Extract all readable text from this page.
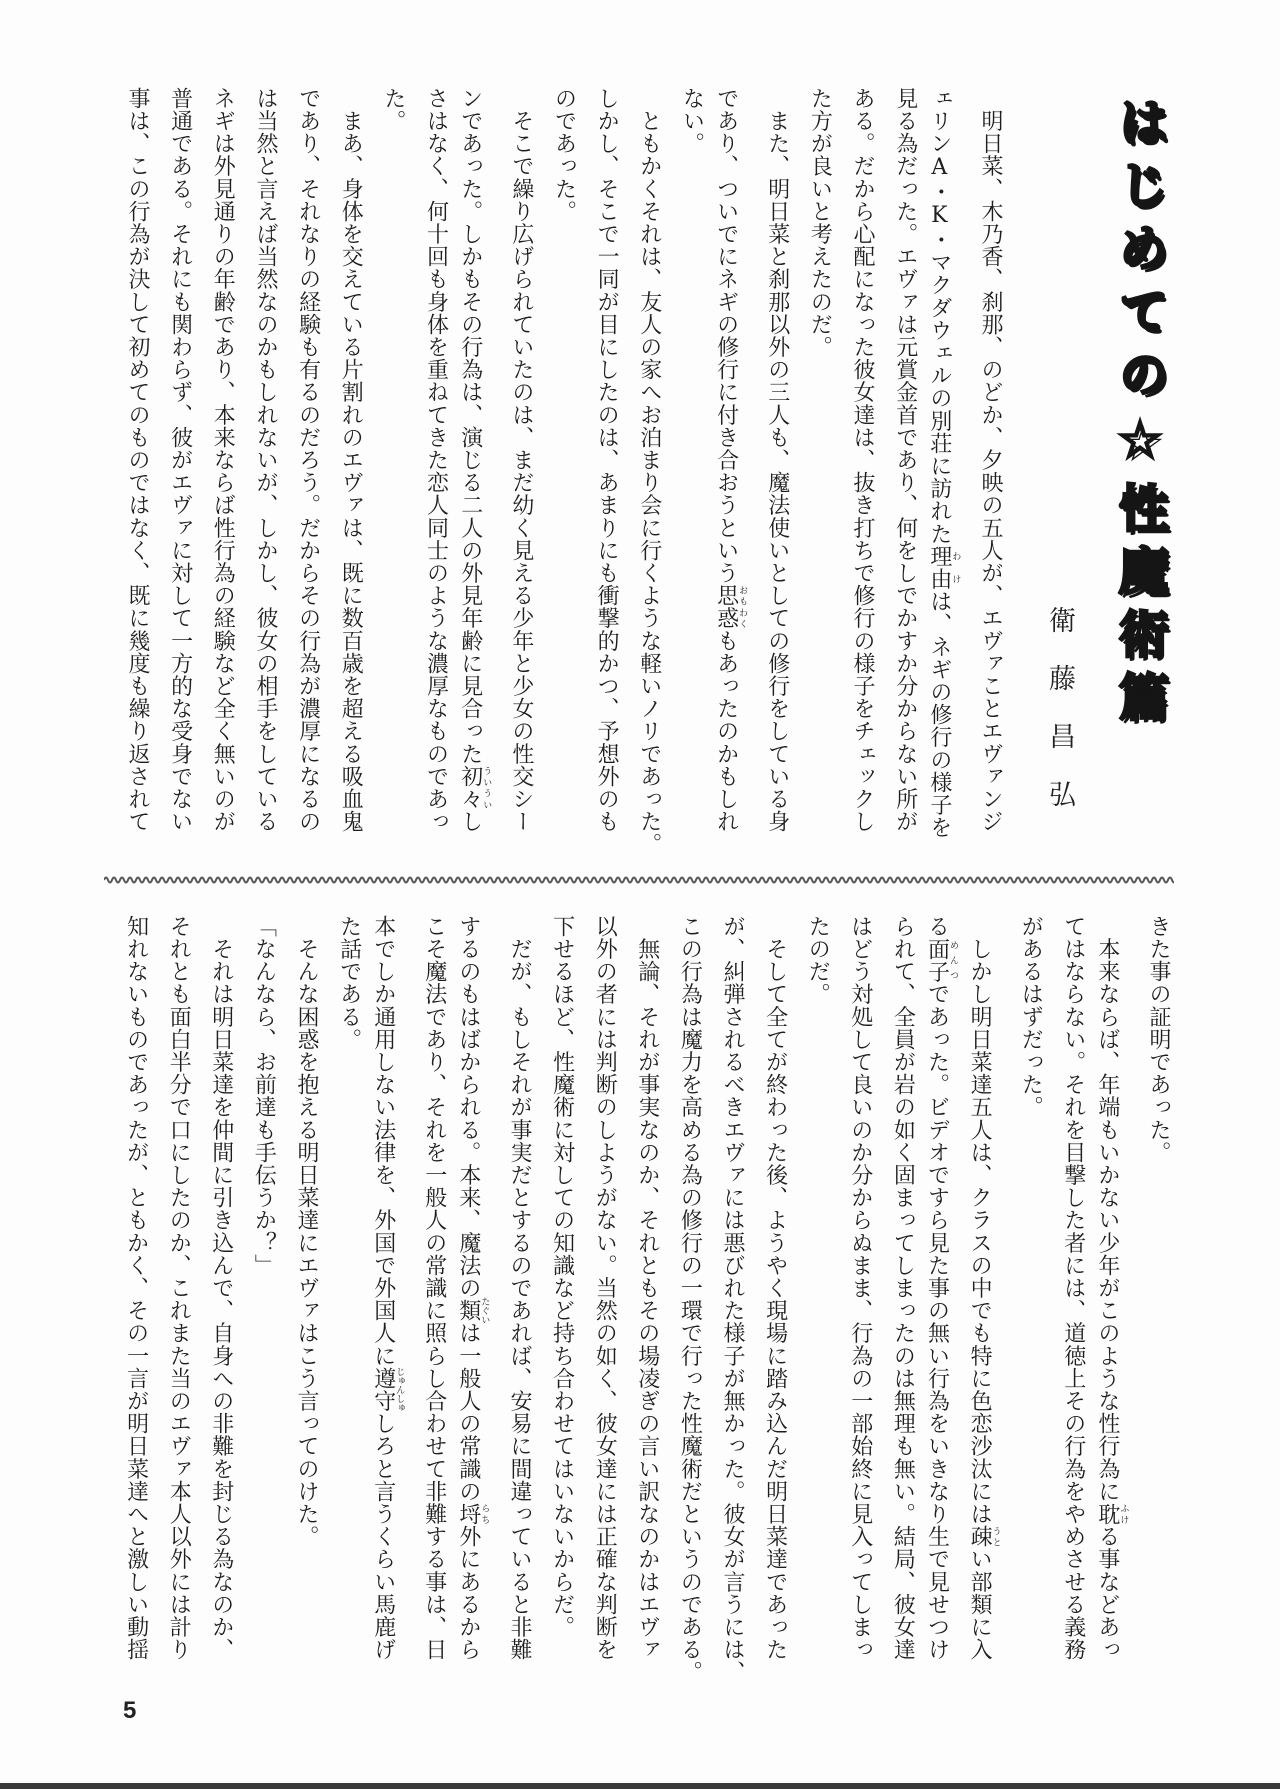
はじめての☆性魔術篇
衛藤昌弘
　明日菜、木乃香、刹那、のどか、夕映の五人が、エヴァことエヴァンジ
ェリンA・K・マクダウェルの別荘に訪れた理由わけは、ネギの修行の様子を
見る為だった。エヴァは元賞金首であり、何をしでかすか分からない所が
ある。だから心配になった彼女達は、抜き打ちで修行の様子をチェックし
た方が良いと考えたのだ。
　また、明日菜と刹那以外の三人も、魔法使いとしての修行をしている身
であり、ついでにネギの修行に付き合おうという思惑おもわくもあったのかもしれ
ない。
　ともかくそれは、友人の家へお泊まり会に行くような軽いノリであった。
しかし、そこで一同が目にしたのは、あまりにも衝撃的かつ、予想外のも
のであった。
　そこで繰り広げられていたのは、まだ幼く見える少年と少女の性交シー
ンであった。しかもその行為は、演じる二人の外見年齢に見合った初々ういういし
さはなく、何十回も身体を重ねてきた恋人同士のような濃厚なものであっ
た。
　まあ、身体を交えている片割れのエヴァは、既に数百歳を超える吸血鬼
であり、それなりの経験も有るのだろう。だからその行為が濃厚になるの
は当然と言えば当然なのかもしれないが、しかし、彼女の相手をしている
ネギは外見通りの年齢であり、本来ならば性行為の経験など全く無いのが
普通である。それにも関わらず、彼がエヴァに対して一方的な受身でない
事は、この行為が決して初めてのものではなく、既に幾度も繰り返されて
きた事の証明であった。
　本来ならば、年端もいかない少年がこのような性行為に耽ふける事などあっ
てはならない。それを目撃した者には、道徳上その行為をやめさせる義務
があるはずだった。
　しかし明日菜達五人は、クラスの中でも特に色恋沙汰には疎うとい部類に入
る面子めんつであった。ビデオですら見た事の無い行為をいきなり生で見せつけ
られて、全員が岩の如く固まってしまったのは無理も無い。結局、彼女達
はどう対処して良いのか分からぬまま、行為の一部始終に見入ってしまっ
たのだ。
　そして全てが終わった後、ようやく現場に踏み込んだ明日菜達であった
が、糾弾されるべきエヴァには悪びれた様子が無かった。彼女が言うには、
この行為は魔力を高める為の修行の一環で行った性魔術だというのである。
　無論、それが事実なのか、それともその場凌ぎの言い訳なのかはエヴァ
以外の者には判断のしようがない。当然の如く、彼女達には正確な判断を
下せるほど、性魔術に対しての知識など持ち合わせてはいないからだ。
　だが、もしそれが事実だとするのであれば、安易に間違っていると非難
するのもはばかられる。本来、魔法の類たぐいは一般人の常識の埒らち外にあるから
こそ魔法であり、それを一般人の常識に照らし合わせて非難する事は、日
本でしか通用しない法律を、外国で外国人に遵守じゅんしゅしろと言うくらい馬鹿げ
た話である。
　そんな困惑を抱える明日菜達にエヴァはこう言ってのけた。
「なんなら、お前達も手伝うか？」
　それは明日菜達を仲間に引き込んで、自身への非難を封じる為なのか、
それとも面白半分で口にしたのか、これまた当のエヴァ本人以外には計り
知れないものであったが、ともかく、その一言が明日菜達へと激しい動揺
5
